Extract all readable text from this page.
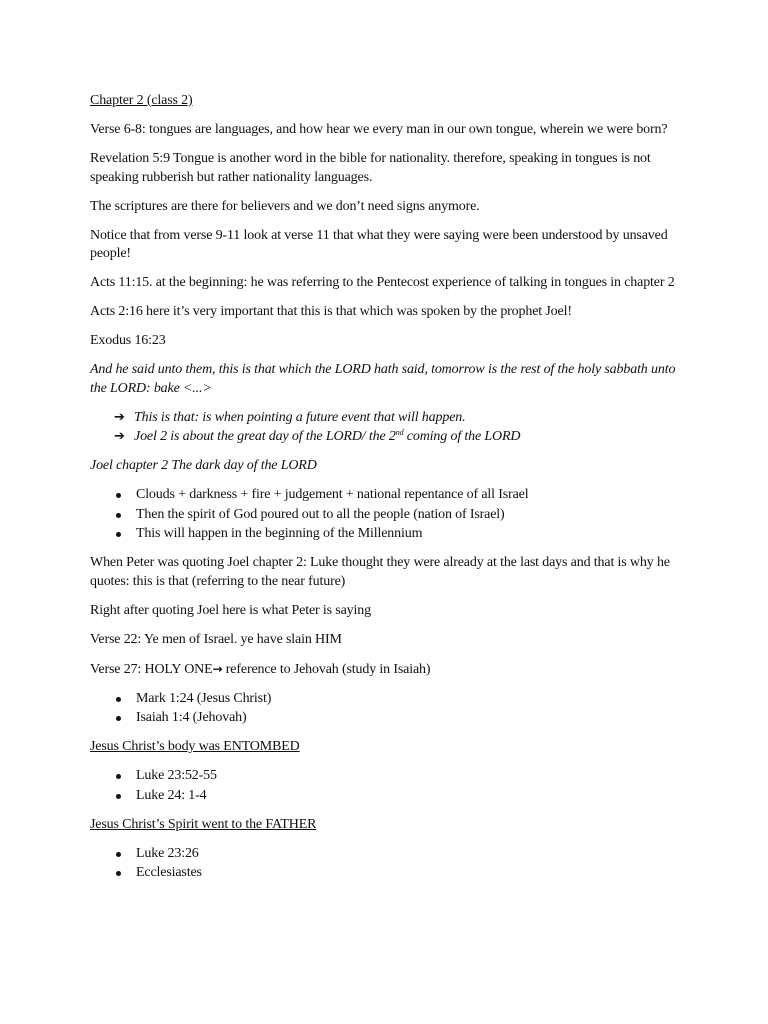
Chapter 2 (class 2)

Verse 6-8: tongues are languages, and how hear we every man in our own tongue, wherein we were born?

Revelation 5:9 Tongue is another word in the bible for nationality. therefore, speaking in tongues is not speaking rubberish but rather nationality languages.

The scriptures are there for believers and we don’t need signs anymore.

Notice that from verse 9-11 look at verse 11 that what they were saying were been understood by unsaved people!

Acts 11:15. at the beginning: he was referring to the Pentecost experience of talking in tongues in chapter 2

Acts 2:16 here it’s very important that this is that which was spoken by the prophet Joel!

Exodus 16:23

And he said unto them, this is that which the LORD hath said, tomorrow is the rest of the holy sabbath unto the LORD: bake <...>

➔ This is that: is when pointing a future event that will happen.
➔ Joel 2 is about the great day of the LORD/ the 2nd coming of the LORD

Joel chapter 2 The dark day of the LORD

Clouds + darkness + fire + judgement + national repentance of all Israel
Then the spirit of God poured out to all the people (nation of Israel)
This will happen in the beginning of the Millennium

When Peter was quoting Joel chapter 2: Luke thought they were already at the last days and that is why he quotes: this is that (referring to the near future)

Right after quoting Joel here is what Peter is saying

Verse 22: Ye men of Israel. ye have slain HIM

Verse 27: HOLY ONE→ reference to Jehovah (study in Isaiah)

Mark 1:24 (Jesus Christ)
Isaiah 1:4 (Jehovah)

Jesus Christ’s body was ENTOMBED

Luke 23:52-55
Luke 24: 1-4

Jesus Christ’s Spirit went to the FATHER

Luke 23:26
Ecclesiastes
